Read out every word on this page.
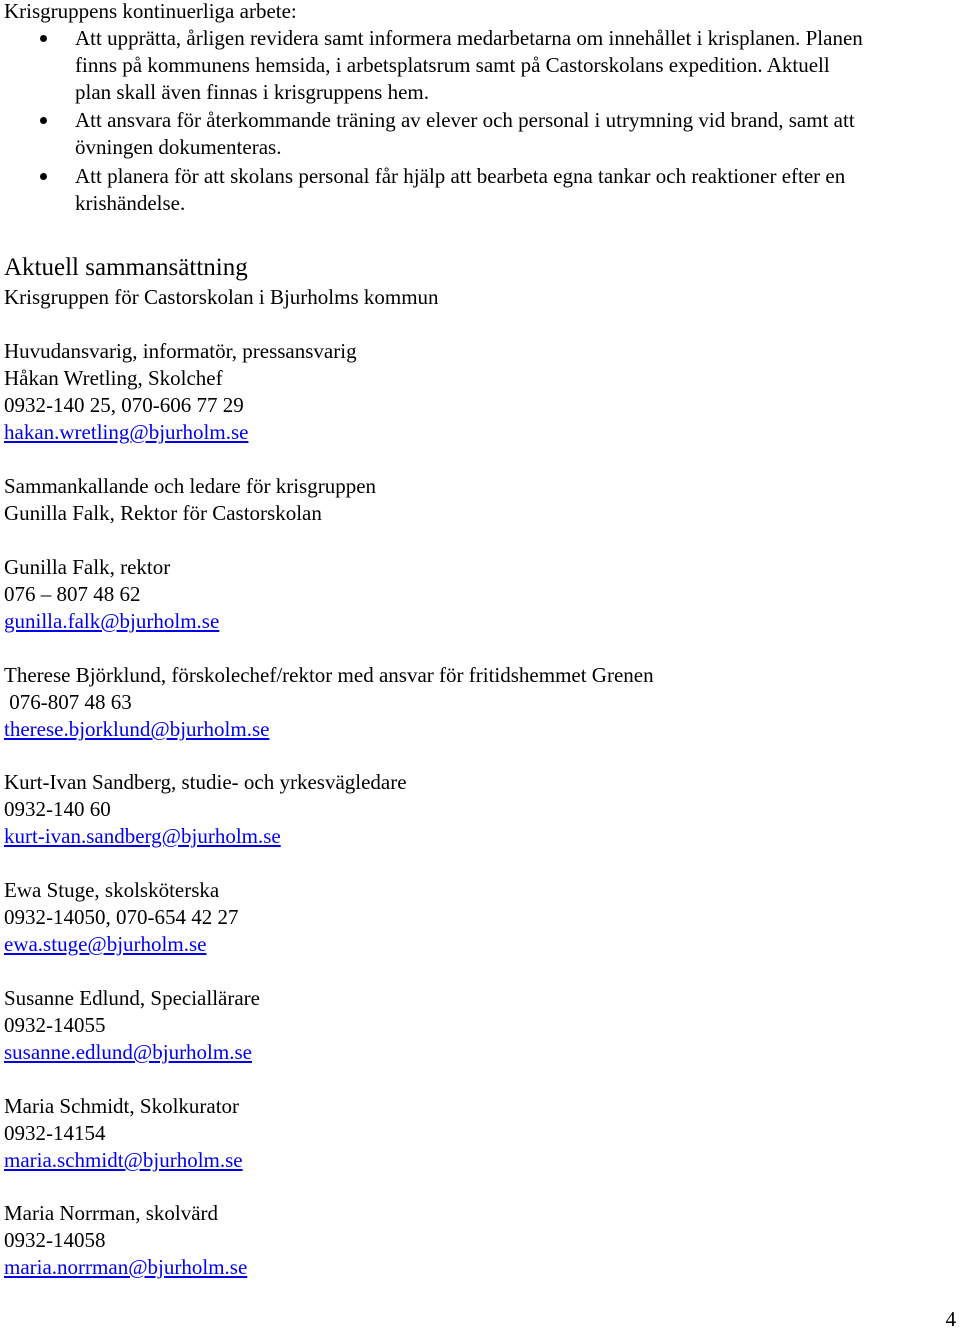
Krisgruppens kontinuerliga arbete:
Att upprätta, årligen revidera samt informera medarbetarna om innehållet i krisplanen. Planen
finns på kommunens hemsida, i arbetsplatsrum samt på Castorskolans expedition. Aktuell
plan skall även finnas i krisgruppens hem.
Att ansvara för återkommande träning av elever och personal i utrymning vid brand, samt att
övningen dokumenteras.
Att planera för att skolans personal får hjälp att bearbeta egna tankar och reaktioner efter en
krishändelse.
Aktuell sammansättning
Krisgruppen för Castorskolan i Bjurholms kommun
Huvudansvarig, informatör, pressansvarig
Håkan Wretling, Skolchef
0932-140 25, 070-606 77 29
hakan.wretling@bjurholm.se
Sammankallande och ledare för krisgruppen
Gunilla Falk, Rektor för Castorskolan
Gunilla Falk, rektor
076 – 807 48 62
gunilla.falk@bjurholm.se
Therese Björklund, förskolechef/rektor med ansvar för fritidshemmet Grenen
076-807 48 63
therese.bjorklund@bjurholm.se
Kurt-Ivan Sandberg, studie- och yrkesvägledare
0932-140 60
kurt-ivan.sandberg@bjurholm.se
Ewa Stuge, skolsköterska
0932-14050, 070-654 42 27
ewa.stuge@bjurholm.se
Susanne Edlund, Speciallärare
0932-14055
susanne.edlund@bjurholm.se
Maria Schmidt, Skolkurator
0932-14154
maria.schmidt@bjurholm.se
Maria Norrman, skolvärd
0932-14058
maria.norrman@bjurholm.se
4
